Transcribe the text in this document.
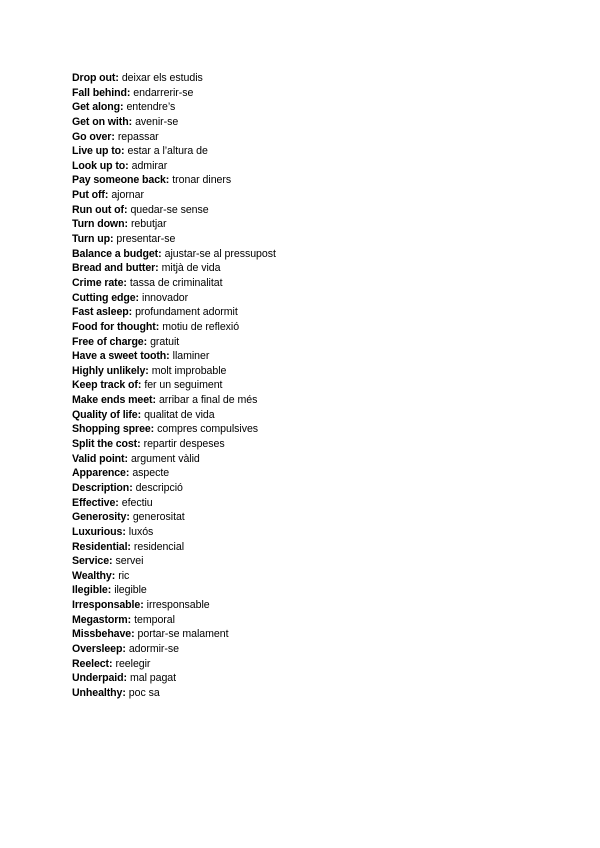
Drop out: deixar els estudis
Fall behind: endarrerir-se
Get along: entendre’s
Get on with: avenir-se
Go over: repassar
Live up to: estar a l’altura de
Look up to: admirar
Pay someone back: tronar diners
Put off: ajornar
Run out of: quedar-se sense
Turn down: rebutjar
Turn up: presentar-se
Balance a budget: ajustar-se al pressupost
Bread and butter: mitjà de vida
Crime rate: tassa de criminalitat
Cutting edge: innovador
Fast asleep: profundament adormit
Food for thought: motiu de reflexió
Free of charge: gratuit
Have a sweet tooth: llaminer
Highly unlikely: molt improbable
Keep track of: fer un seguiment
Make ends meet: arribar a final de més
Quality of life: qualitat de vida
Shopping spree: compres compulsives
Split the cost: repartir despeses
Valid point: argument vàlid
Apparence: aspecte
Description: descripció
Effective: efectiu
Generosity: generositat
Luxurious: luxós
Residential: residencial
Service: servei
Wealthy: ric
Ilegible: ilegible
Irresponsable: irresponsable
Megastorm: temporal
Missbehave: portar-se malament
Oversleep: adormir-se
Reelect: reelegir
Underpaid: mal pagat
Unhealthy: poc sa
